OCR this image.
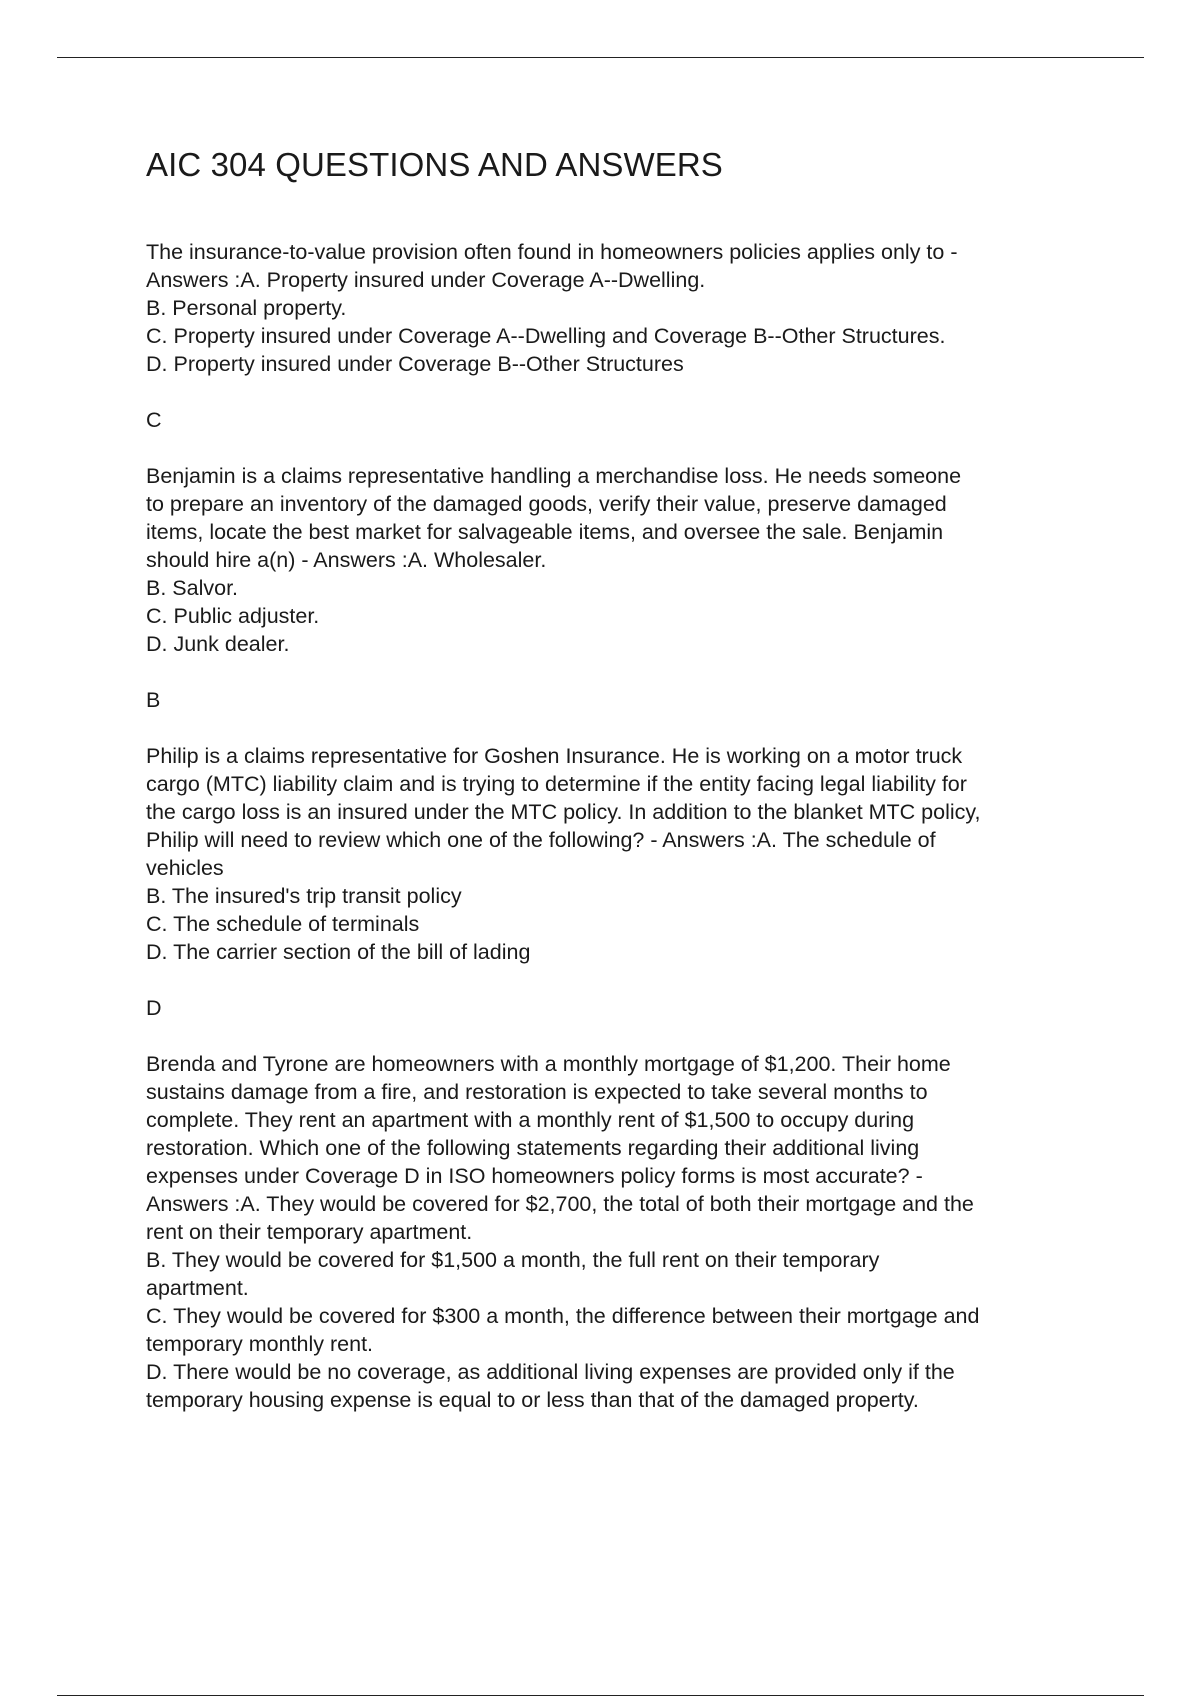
AIC 304 QUESTIONS AND ANSWERS
The insurance-to-value provision often found in homeowners policies applies only to -
Answers :A. Property insured under Coverage A--Dwelling.
B. Personal property.
C. Property insured under Coverage A--Dwelling and Coverage B--Other Structures.
D. Property insured under Coverage B--Other Structures
C
Benjamin is a claims representative handling a merchandise loss. He needs someone
to prepare an inventory of the damaged goods, verify their value, preserve damaged
items, locate the best market for salvageable items, and oversee the sale. Benjamin
should hire a(n) - Answers :A. Wholesaler.
B. Salvor.
C. Public adjuster.
D. Junk dealer.
B
Philip is a claims representative for Goshen Insurance. He is working on a motor truck
cargo (MTC) liability claim and is trying to determine if the entity facing legal liability for
the cargo loss is an insured under the MTC policy. In addition to the blanket MTC policy,
Philip will need to review which one of the following? - Answers :A. The schedule of
vehicles
B. The insured's trip transit policy
C. The schedule of terminals
D. The carrier section of the bill of lading
D
Brenda and Tyrone are homeowners with a monthly mortgage of $1,200. Their home
sustains damage from a fire, and restoration is expected to take several months to
complete. They rent an apartment with a monthly rent of $1,500 to occupy during
restoration. Which one of the following statements regarding their additional living
expenses under Coverage D in ISO homeowners policy forms is most accurate? -
Answers :A. They would be covered for $2,700, the total of both their mortgage and the
rent on their temporary apartment.
B. They would be covered for $1,500 a month, the full rent on their temporary
apartment.
C. They would be covered for $300 a month, the difference between their mortgage and
temporary monthly rent.
D. There would be no coverage, as additional living expenses are provided only if the
temporary housing expense is equal to or less than that of the damaged property.
